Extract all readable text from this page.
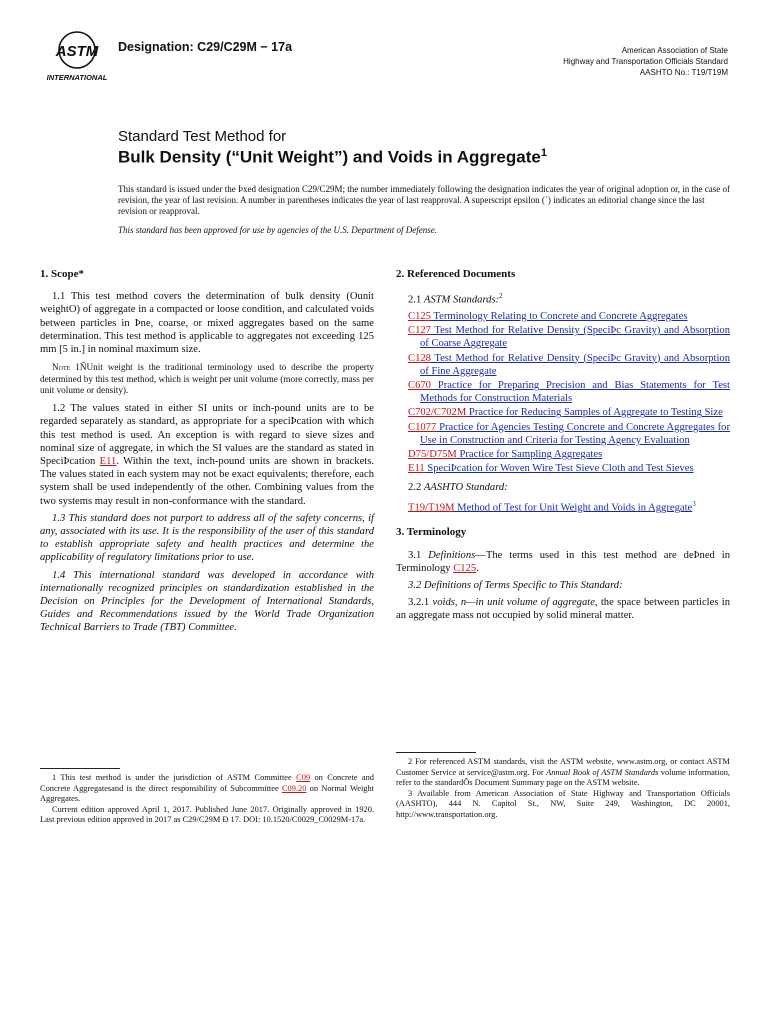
ASTM
INTERNATIONAL
Designation: C29/C29M − 17a	American Association of State
Highway and Transportation Officials Standard
AASHTO No.: T19/T19M
Standard Test Method for
Bulk Density (“Unit Weight”) and Voids in Aggregate$^1$

This standard is issued under the Þxed designation C29/C29M; the number immediately following the designation indicates the year of original adoption or, in the case of revision, the year of last revision. A number in parentheses indicates the year of last reapproval. A superscript epsilon (´) indicates an editorial change since the last revision or reapproval.

This standard has been approved for use by agencies of the U.S. Department of Defense.

1. Scope*

1.1 This test method covers the determination of bulk density (Ounit weightO) of aggregate in a compacted or loose condition, and calculated voids between particles in Þne, coarse, or mixed aggregates based on the same determination. This test method is applicable to aggregates not exceeding 125 mm [5 in.] in nominal maximum size.

Note 1ÑUnit weight is the traditional terminology used to describe the property determined by this test method, which is weight per unit volume (more correctly, mass per unit volume or density).

1.2 The values stated in either SI units or inch-pound units are to be regarded separately as standard, as appropriate for a speciÞcation with which this test method is used. An exception is with regard to sieve sizes and nominal size of aggregate, in which the SI values are the standard as stated in SpeciÞcation E11. Within the text, inch-pound units are shown in brackets. The values stated in each system may not be exact equivalents; therefore, each system shall be used independently of the other. Combining values from the two systems may result in non-conformance with the standard.

1.3 This standard does not purport to address all of the safety concerns, if any, associated with its use. It is the responsibility of the user of this standard to establish appropriate safety and health practices and determine the applicability of regulatory limitations prior to use.

1.4 This international standard was developed in accordance with internationally recognized principles on standardization established in the Decision on Principles for the Development of International Standards, Guides and Recommendations issued by the World Trade Organization Technical Barriers to Trade (TBT) Committee.

2. Referenced Documents

2.1 ASTM Standards:$^2$

C125 Terminology Relating to Concrete and Concrete Aggregates

C127 Test Method for Relative Density (SpeciÞc Gravity) and Absorption of Coarse Aggregate

C128 Test Method for Relative Density (SpeciÞc Gravity) and Absorption of Fine Aggregate

C670 Practice for Preparing Precision and Bias Statements for Test Methods for Construction Materials

C702/C702M Practice for Reducing Samples of Aggregate to Testing Size

C1077 Practice for Agencies Testing Concrete and Concrete Aggregates for Use in Construction and Criteria for Testing Agency Evaluation

D75/D75M Practice for Sampling Aggregates

E11 SpeciÞcation for Woven Wire Test Sieve Cloth and Test Sieves

2.2 AASHTO Standard:

T19/T19M Method of Test for Unit Weight and Voids in Aggregate$^3$

3. Terminology

3.1 Definitions—The terms used in this test method are deÞned in Terminology C125.

3.2 Definitions of Terms Specific to This Standard:

3.2.1 voids, n—in unit volume of aggregate, the space between particles in an aggregate mass not occupied by solid mineral matter.

1 This test method is under the jurisdiction of ASTM Committee C09 on Concrete and Concrete Aggregatesand is the direct responsibility of Subcommittee C09.20 on Normal Weight Aggregates.

Current edition approved April 1, 2017. Published June 2017. Originally approved in 1920. Last previous edition approved in 2017 as C29/C29M Ð 17. DOI: 10.1520/C0029_C0029M-17a.

2 For referenced ASTM standards, visit the ASTM website, www.astm.org, or contact ASTM Customer Service at service@astm.org. For Annual Book of ASTM Standards volume information, refer to the standardÕs Document Summary page on the ASTM website.

3 Available from American Association of State Highway and Transportation Officials (AASHTO), 444 N. Capitol St., NW, Suite 249, Washington, DC 20001, http://www.transportation.org.
